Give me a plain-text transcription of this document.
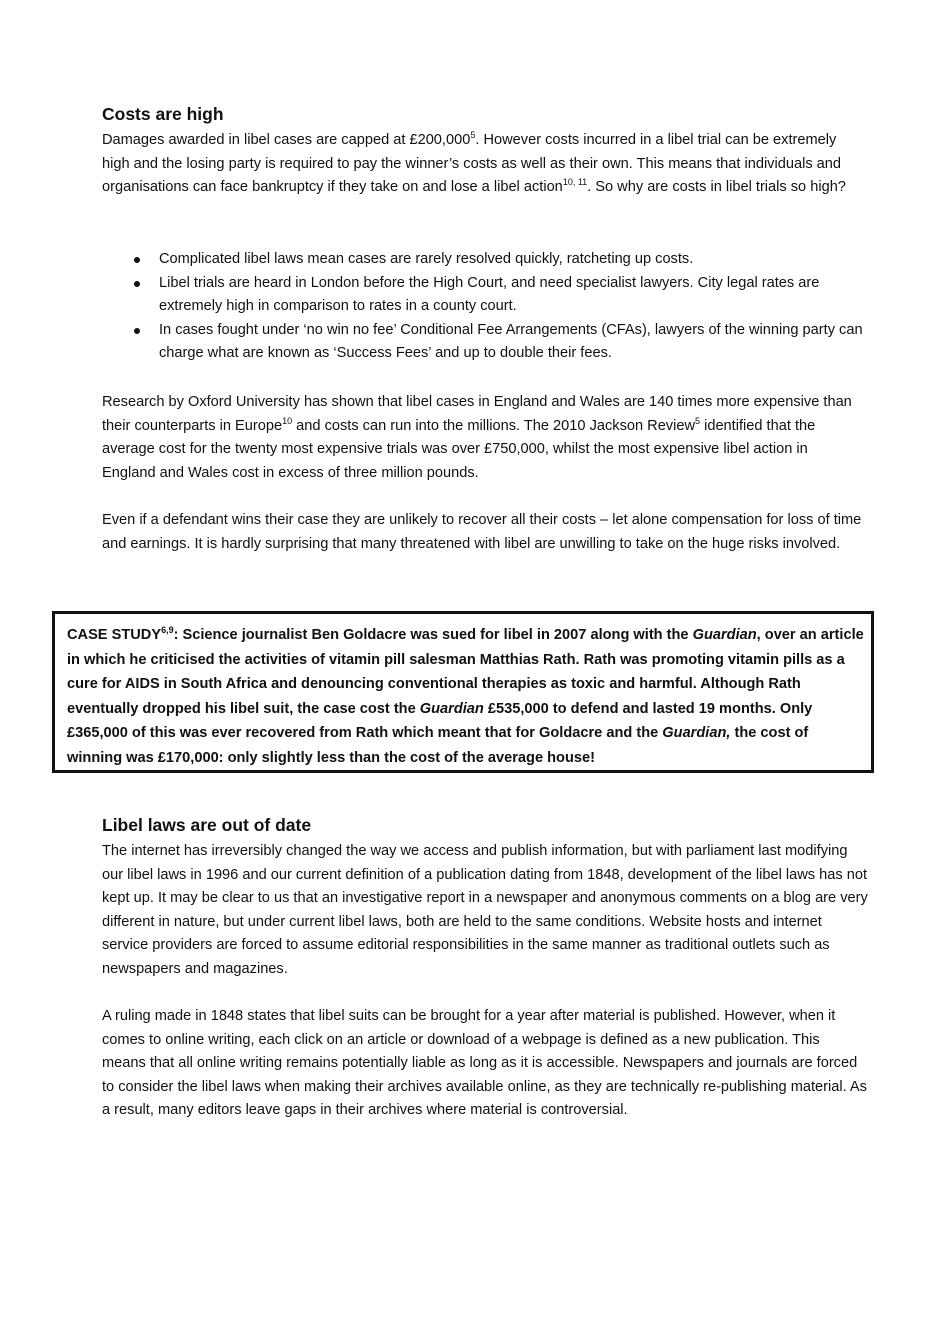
Costs are high

Damages awarded in libel cases are capped at £200,000$^5$. However costs incurred in a libel trial can be extremely high and the losing party is required to pay the winner’s costs as well as their own. This means that individuals and organisations can face bankruptcy if they take on and lose a libel action$^{10, 11}$. So why are costs in libel trials so high?

Complicated libel laws mean cases are rarely resolved quickly, ratcheting up costs.
Libel trials are heard in London before the High Court, and need specialist lawyers. City legal rates are extremely high in comparison to rates in a county court.
In cases fought under ‘no win no fee’ Conditional Fee Arrangements (CFAs), lawyers of the winning party can charge what are known as ‘Success Fees’ and up to double their fees.

Research by Oxford University has shown that libel cases in England and Wales are 140 times more expensive than their counterparts in Europe$^{10}$ and costs can run into the millions. The 2010 Jackson Review$^5$ identified that the average cost for the twenty most expensive trials was over £750,000, whilst the most expensive libel action in England and Wales cost in excess of three million pounds.

Even if a defendant wins their case they are unlikely to recover all their costs – let alone compensation for loss of time and earnings. It is hardly surprising that many threatened with libel are unwilling to take on the huge risks involved.

CASE STUDY$^{6,9}$: Science journalist Ben Goldacre was sued for libel in 2007 along with the Guardian, over an article in which he criticised the activities of vitamin pill salesman Matthias Rath. Rath was promoting vitamin pills as a cure for AIDS in South Africa and denouncing conventional therapies as toxic and harmful. Although Rath eventually dropped his libel suit, the case cost the Guardian £535,000 to defend and lasted 19 months. Only £365,000 of this was ever recovered from Rath which meant that for Goldacre and the Guardian, the cost of winning was £170,000: only slightly less than the cost of the average house!

Libel laws are out of date

The internet has irreversibly changed the way we access and publish information, but with parliament last modifying our libel laws in 1996 and our current definition of a publication dating from 1848, development of the libel laws has not kept up. It may be clear to us that an investigative report in a newspaper and anonymous comments on a blog are very different in nature, but under current libel laws, both are held to the same conditions. Website hosts and internet service providers are forced to assume editorial responsibilities in the same manner as traditional outlets such as newspapers and magazines.

A ruling made in 1848 states that libel suits can be brought for a year after material is published. However, when it comes to online writing, each click on an article or download of a webpage is defined as a new publication. This means that all online writing remains potentially liable as long as it is accessible. Newspapers and journals are forced to consider the libel laws when making their archives available online, as they are technically re-publishing material. As a result, many editors leave gaps in their archives where material is controversial.
